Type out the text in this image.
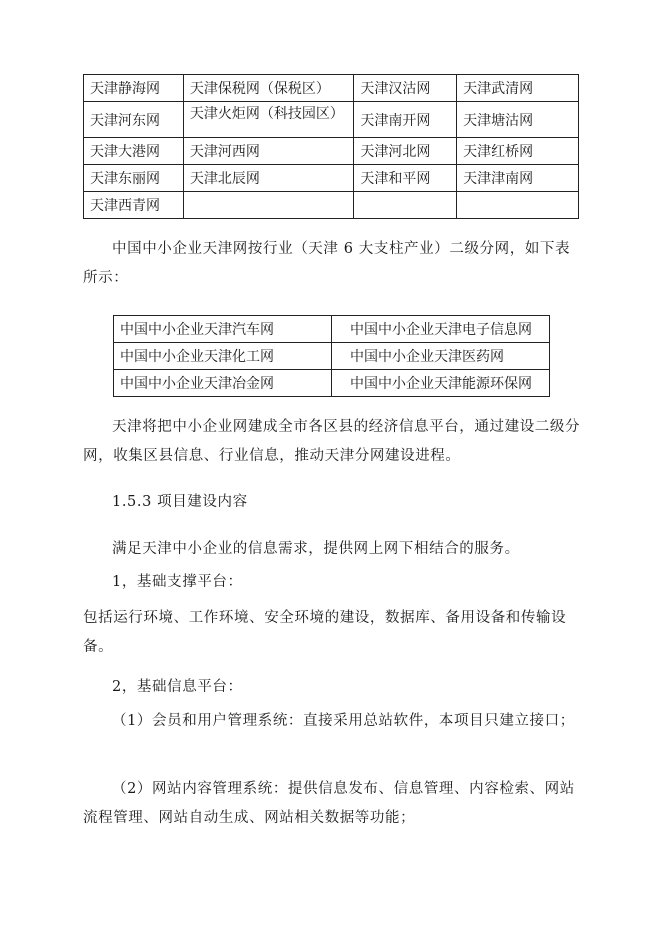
天津静海网	天津保税网（保税区）	天津汉沽网	天津武清网
天津河东网	天津火炬网（科技园区）	天津南开网	天津塘沽网
天津大港网	天津河西网	天津河北网	天津红桥网
天津东丽网	天津北辰网	天津和平网	天津津南网
天津西青网			

中国中小企业天津网按行业（天津 6 大支柱产业）二级分网，如下表所示：

中国中小企业天津汽车网	中国中小企业天津电子信息网
中国中小企业天津化工网	中国中小企业天津医药网
中国中小企业天津冶金网	中国中小企业天津能源环保网

天津将把中小企业网建成全市各区县的经济信息平台，通过建设二级分网，收集区县信息、行业信息，推动天津分网建设进程。

1.5.3 项目建设内容

满足天津中小企业的信息需求，提供网上网下相结合的服务。

1，基础支撑平台：

包括运行环境、工作环境、安全环境的建设，数据库、备用设备和传输设备。

2，基础信息平台：

（1）会员和用户管理系统：直接采用总站软件，本项目只建立接口；

（2）网站内容管理系统：提供信息发布、信息管理、内容检索、网站流程管理、网站自动生成、网站相关数据等功能；
